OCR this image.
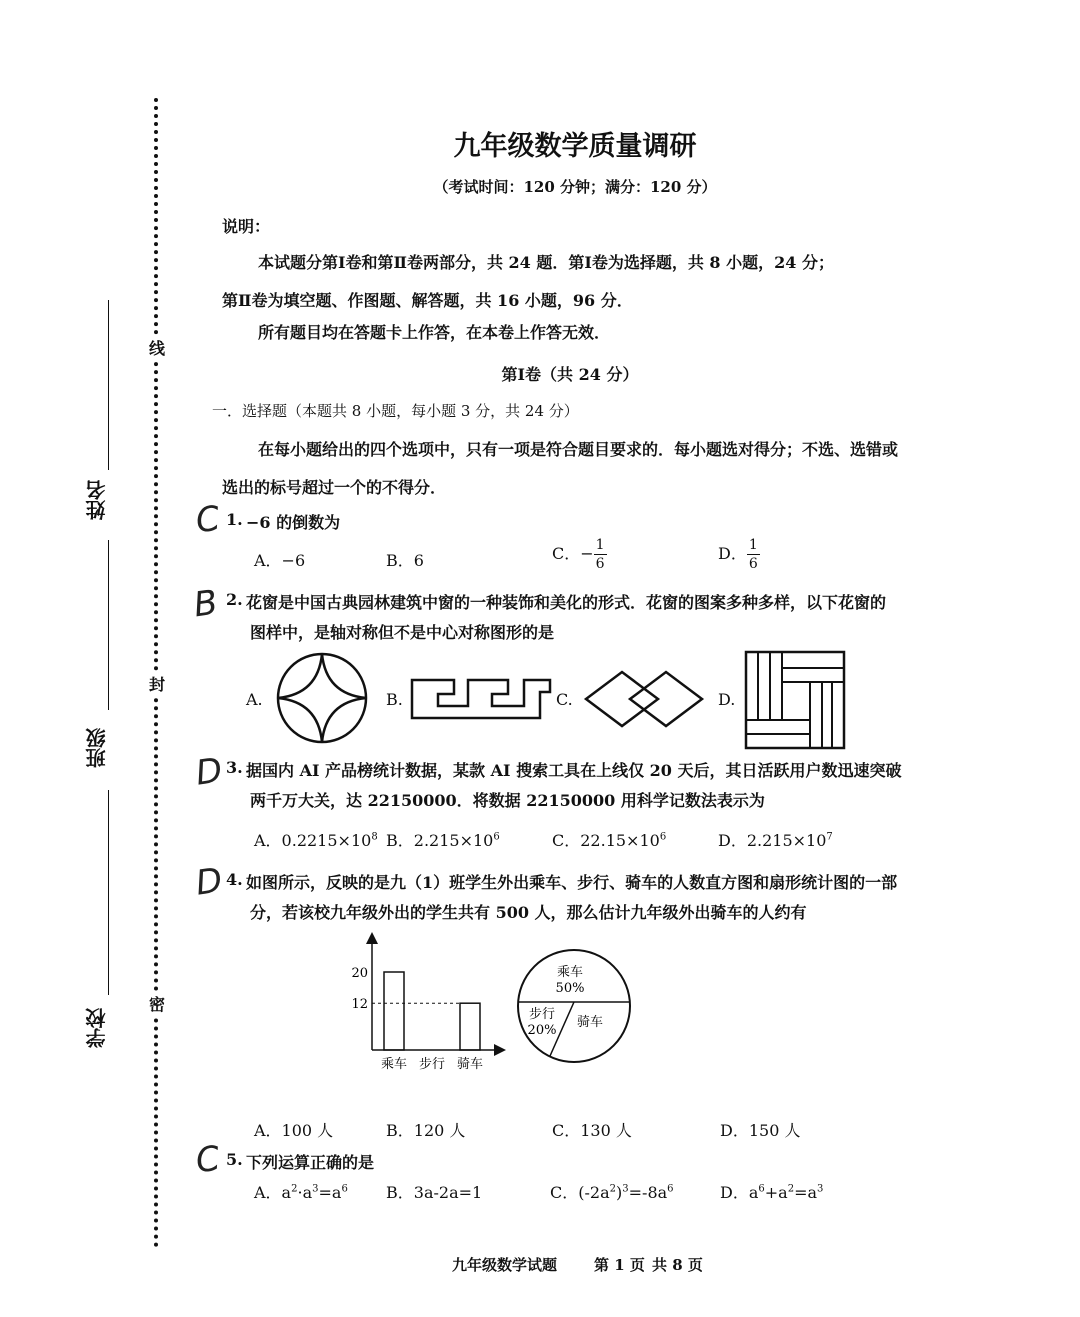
线
封
密
姓名
班级
学校
九年级数学质量调研
（考试时间：120 分钟；满分：120 分）
说明：
本试题分第Ⅰ卷和第Ⅱ卷两部分，共 24 题．第Ⅰ卷为选择题，共 8 小题，24 分；
第Ⅱ卷为填空题、作图题、解答题，共 16 小题，96 分．
所有题目均在答题卡上作答，在本卷上作答无效．
第Ⅰ卷（共 24 分）
一．选择题（本题共 8 小题，每小题 3 分，共 24 分）
在每小题给出的四个选项中，只有一项是符合题目要求的．每小题选对得分；不选、选错或
选出的标号超过一个的不得分．
C 1. −6 的倒数为
A．−6	B．6	C．− $\frac{1}{6}$	D． $\frac{1}{6}$
B 2. 花窗是中国古典园林建筑中窗的一种装饰和美化的形式．花窗的图案多种多样，以下花窗的
图样中，是轴对称但不是中心对称图形的是
A.	B.	C.	D.
D 3. 据国内 AI 产品榜统计数据，某款 AI 搜索工具在上线仅 20 天后，其日活跃用户数迅速突破
两千万大关，达 22150000．将数据 22150000 用科学记数法表示为
A．$0.2215\times 10^8$ B．$2.215\times 10^6$	C．$22.15\times 10^6$	D．$2.215\times 10^7$
D 4. 如图所示，反映的是九（1）班学生外出乘车、步行、骑车的人数直方图和扇形统计图的一部
分，若该校九年级外出的学生共有 500 人，那么估计九年级外出骑车的人约有
20
12
乘车 步行 骑车
乘车
50%
步行
20%
骑车
A．100 人	B．120 人	C．130 人	D．150 人
C 5. 下列运算正确的是
A．$a^2\cdot a^3=a^6$ B．3a-2a=1	C．$(-2a^2)^3=-8a^6$	D．$a^6+a^2=a^3$
九年级数学试题 第 1 页 共 8 页
